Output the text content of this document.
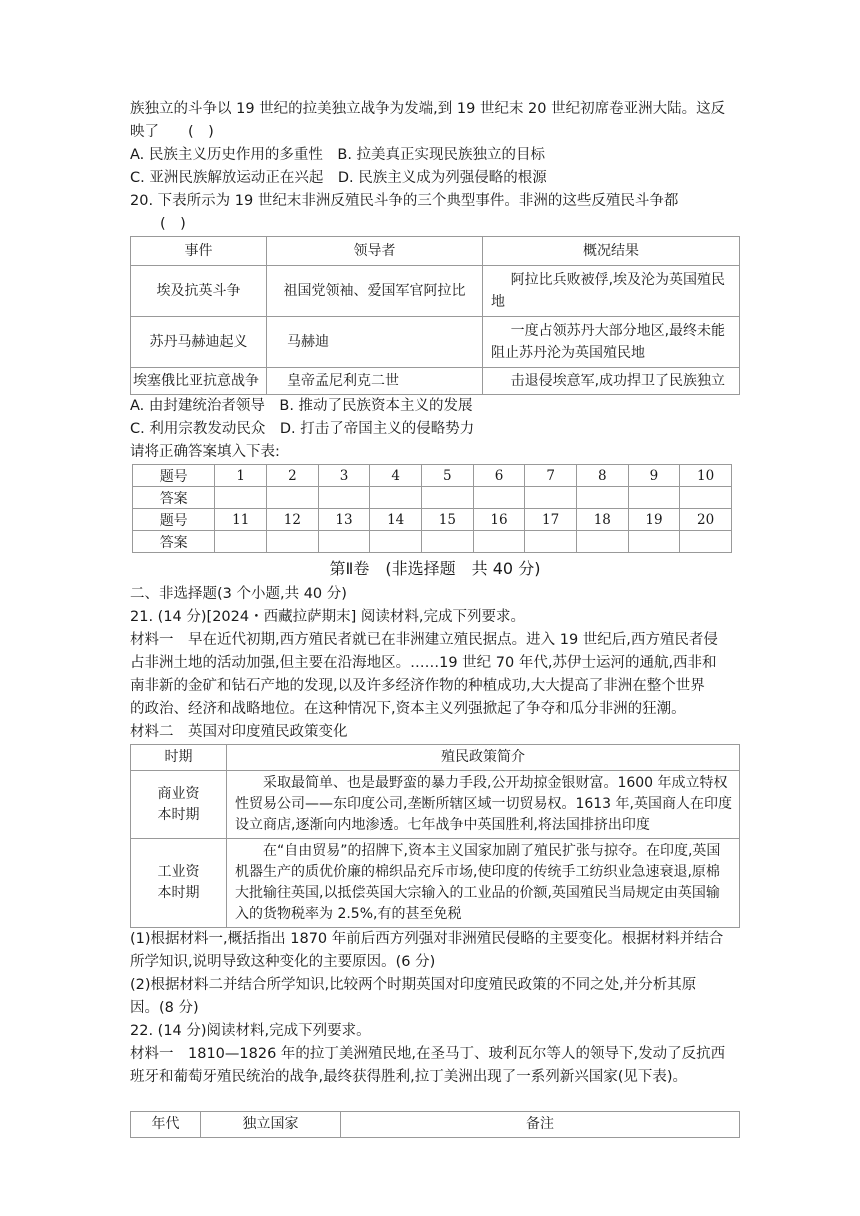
族独立的斗争以 19 世纪的拉美独立战争为发端,到 19 世纪末 20 世纪初席卷亚洲大陆。这反
映了　　(　)
A. 民族主义历史作用的多重性　B. 拉美真正实现民族独立的目标
C. 亚洲民族解放运动正在兴起　D. 民族主义成为列强侵略的根源
20. 下表所示为 19 世纪末非洲反殖民斗争的三个典型事件。非洲的这些反殖民斗争都
(　)
事件	领导者	概况结果
埃及抗英斗争	祖国党领袖、爱国军官阿拉比	阿拉比兵败被俘,埃及沦为英国殖民地
苏丹马赫迪起义	马赫迪	一度占领苏丹大部分地区,最终未能阻止苏丹沦为英国殖民地
埃塞俄比亚抗意战争	皇帝孟尼利克二世	击退侵埃意军,成功捍卫了民族独立
A. 由封建统治者领导　B. 推动了民族资本主义的发展
C. 利用宗教发动民众　D. 打击了帝国主义的侵略势力
请将正确答案填入下表:
题号	1	2	3	4	5	6	7	8	9	10
答案										
题号	11	12	13	14	15	16	17	18	19	20
答案										
第Ⅱ卷　(非选择题　共 40 分)
二、非选择题(3 个小题,共 40 分)
21. (14 分)[2024・西藏拉萨期末] 阅读材料,完成下列要求。
材料一　早在近代初期,西方殖民者就已在非洲建立殖民据点。进入 19 世纪后,西方殖民者侵
占非洲土地的活动加强,但主要在沿海地区。……19 世纪 70 年代,苏伊士运河的通航,西非和
南非新的金矿和钻石产地的发现,以及许多经济作物的种植成功,大大提高了非洲在整个世界
的政治、经济和战略地位。在这种情况下,资本主义列强掀起了争夺和瓜分非洲的狂潮。
材料二　英国对印度殖民政策变化
时期	殖民政策简介

商业资
本时期	采取最简单、也是最野蛮的暴力手段,公开劫掠金银财富。1600 年成立特权性贸易公司——东印度公司,垄断所辖区域一切贸易权。1613 年,英国商人在印度设立商店,逐渐向内地渗透。七年战争中英国胜利,将法国排挤出印度

工业资
本时期	在“自由贸易”的招牌下,资本主义国家加剧了殖民扩张与掠夺。在印度,英国机器生产的质优价廉的棉织品充斥市场,使印度的传统手工纺织业急速衰退,原棉大批输往英国,以抵偿英国大宗输入的工业品的价额,英国殖民当局规定由英国输入的货物税率为 2.5%,有的甚至免税
(1)根据材料一,概括指出 1870 年前后西方列强对非洲殖民侵略的主要变化。根据材料并结合
所学知识,说明导致这种变化的主要原因。(6 分)
(2)根据材料二并结合所学知识,比较两个时期英国对印度殖民政策的不同之处,并分析其原
因。(8 分)
22. (14 分)阅读材料,完成下列要求。
材料一　1810—1826 年的拉丁美洲殖民地,在圣马丁、玻利瓦尔等人的领导下,发动了反抗西
班牙和葡萄牙殖民统治的战争,最终获得胜利,拉丁美洲出现了一系列新兴国家(见下表)。
年代	独立国家	备注
